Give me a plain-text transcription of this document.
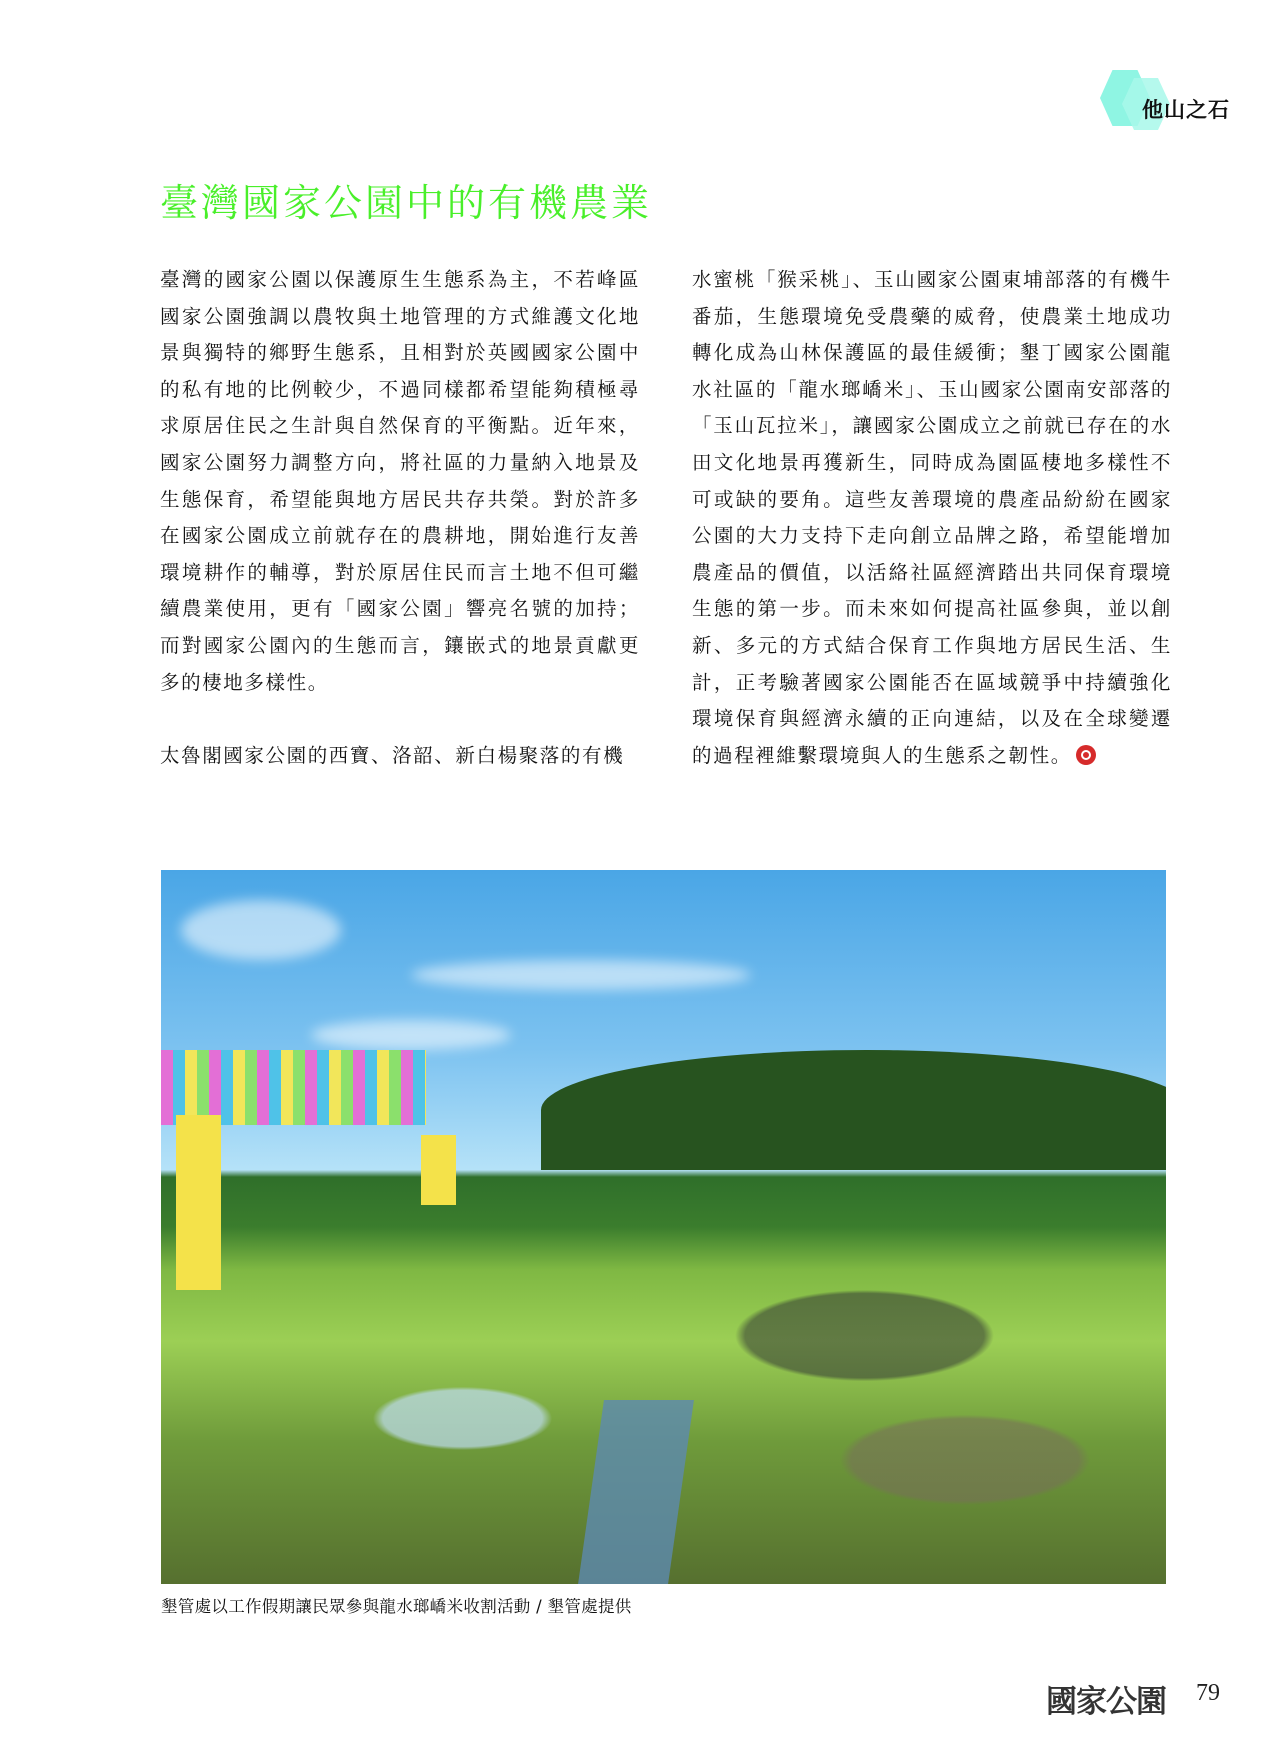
他山之石
臺灣國家公園中的有機農業

臺灣的國家公園以保護原生生態系為主，不若峰區國家公園強調以農牧與土地管理的方式維護文化地景與獨特的鄉野生態系，且相對於英國國家公園中的私有地的比例較少，不過同樣都希望能夠積極尋求原居住民之生計與自然保育的平衡點。近年來，國家公園努力調整方向，將社區的力量納入地景及生態保育，希望能與地方居民共存共榮。對於許多在國家公園成立前就存在的農耕地，開始進行友善環境耕作的輔導，對於原居住民而言土地不但可繼續農業使用，更有「國家公園」響亮名號的加持；而對國家公園內的生態而言，鑲嵌式的地景貢獻更多的棲地多樣性。

太魯閣國家公園的西寶、洛韶、新白楊聚落的有機

水蜜桃「猴采桃」、玉山國家公園東埔部落的有機牛番茄，生態環境免受農藥的威脅，使農業土地成功轉化成為山林保護區的最佳緩衝；墾丁國家公園龍水社區的「龍水瑯嶠米」、玉山國家公園南安部落的「玉山瓦拉米」，讓國家公園成立之前就已存在的水田文化地景再獲新生，同時成為園區棲地多樣性不可或缺的要角。這些友善環境的農產品紛紛在國家公園的大力支持下走向創立品牌之路，希望能增加農產品的價值，以活絡社區經濟踏出共同保育環境生態的第一步。而未來如何提高社區參與，並以創新、多元的方式結合保育工作與地方居民生活、生計，正考驗著國家公園能否在區域競爭中持續強化環境保育與經濟永續的正向連結，以及在全球變遷的過程裡維繫環境與人的生態系之韌性。

墾管處以工作假期讓民眾參與龍水瑯嶠米收割活動 / 墾管處提供
國家公園 79
